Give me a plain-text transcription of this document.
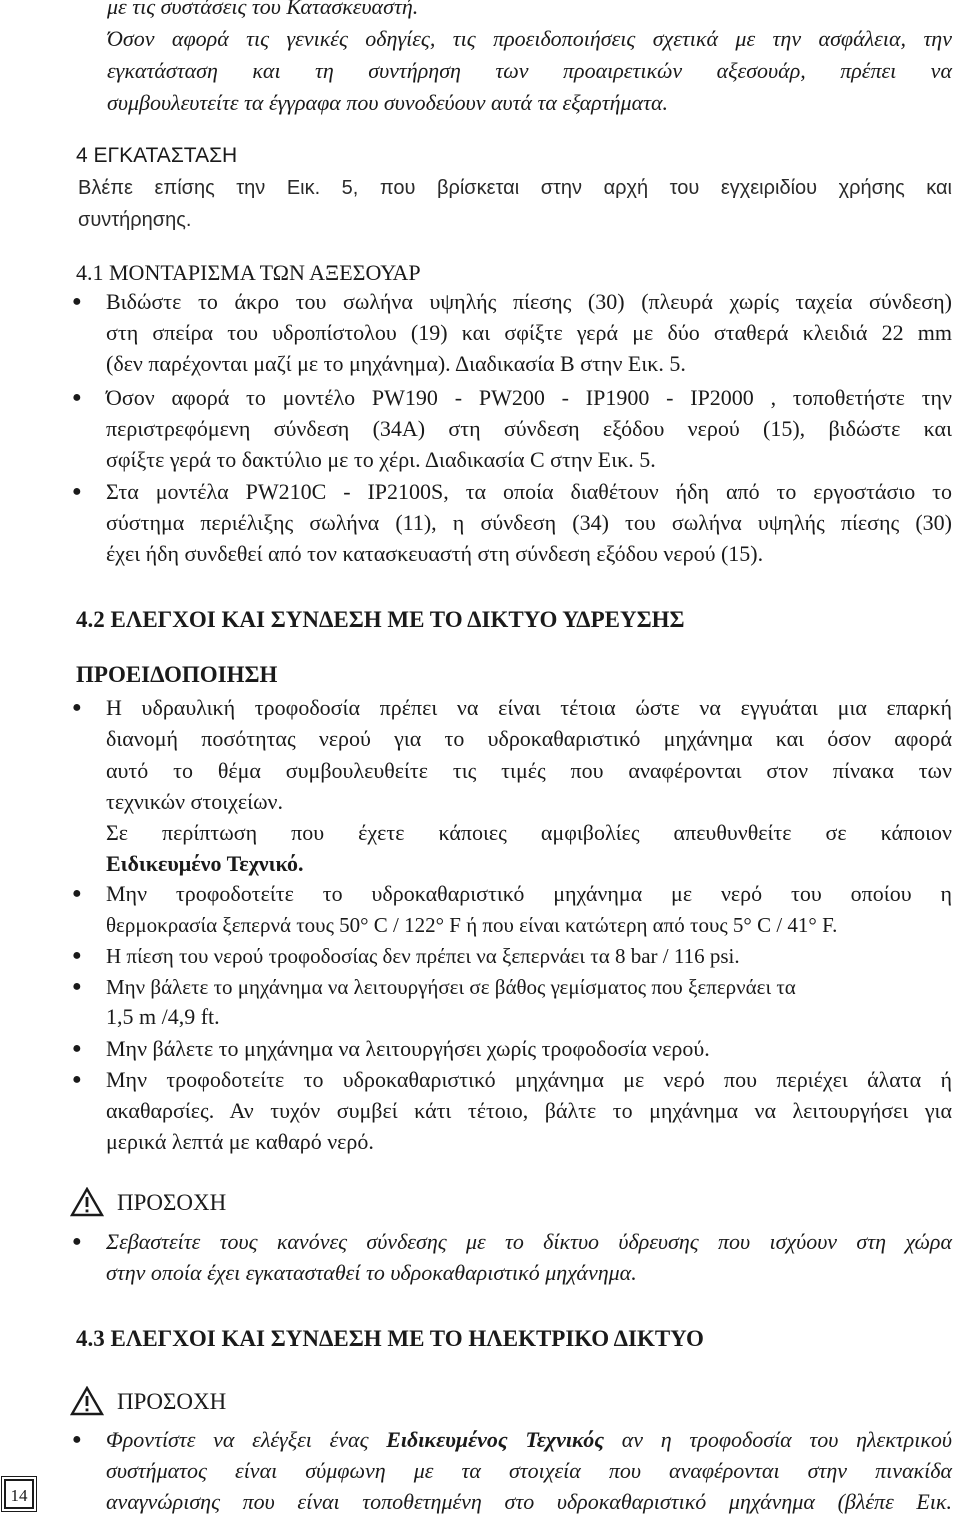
με τις συστάσεις του Κατασκευαστή.
Όσον αφορά τις γενικές οδηγίες, τις προειδοποιήσεις σχετικά με την ασφάλεια, την
εγκατάσταση και τη συντήρηση των προαιρετικών αξεσουάρ, πρέπει να
συμβουλευτείτε τα έγγραφα που συνοδεύουν αυτά τα εξαρτήματα.
4 ΕΓΚΑΤΑΣΤΑΣΗ
Βλέπε επίσης την Εικ. 5, που βρίσκεται στην αρχή του εγχειριδίου χρήσης και
συντήρησης.
4.1 ΜΟΝΤΑΡΙΣΜΑ ΤΩΝ ΑΞΕΣΟΥΑΡ
● Βιδώστε το άκρο του σωλήνα υψηλής πίεσης (30) (πλευρά χωρίς ταχεία σύνδεση)
στη σπείρα του υδροπίστολου (19) και σφίξτε γερά με δύο σταθερά κλειδιά 22 mm
(δεν παρέχονται μαζί με το μηχάνημα). Διαδικασία B στην Εικ. 5.
● Όσον αφορά το μοντέλο PW190 - PW200 - IP1900 - IP2000 , τοποθετήστε την
περιστρεφόμενη σύνδεση (34A) στη σύνδεση εξόδου νερού (15), βιδώστε και
σφίξτε γερά το δακτύλιο με το χέρι. Διαδικασία C στην Εικ. 5.
● Στα μοντέλα PW210C - IP2100S, τα οποία διαθέτουν ήδη από το εργοστάσιο το
σύστημα περιέλιξης σωλήνα (11), η σύνδεση (34) του σωλήνα υψηλής πίεσης (30)
έχει ήδη συνδεθεί από τον κατασκευαστή στη σύνδεση εξόδου νερού (15).
4.2 ΕΛΕΓΧΟΙ ΚΑΙ ΣΥΝΔΕΣΗ ΜΕ ΤΟ ΔΙΚΤΥΟ ΥΔΡΕΥΣΗΣ
ΠΡΟΕΙΔΟΠΟΙΗΣΗ
● Η υδραυλική τροφοδοσία πρέπει να είναι τέτοια ώστε να εγγυάται μια επαρκή
διανομή ποσότητας νερού για το υδροκαθαριστικό μηχάνημα και όσον αφορά
αυτό το θέμα συμβουλευθείτε τις τιμές που αναφέρονται στον πίνακα των
τεχνικών στοιχείων.
Σε περίπτωση που έχετε κάποιες αμφιβολίες απευθυνθείτε σε κάποιον
Ειδικευμένο Τεχνικό.
● Μην τροφοδοτείτε το υδροκαθαριστικό μηχάνημα με νερό του οποίου η
θερμοκρασία ξεπερνά τους 50° C / 122° F ή που είναι κατώτερη από τους 5° C / 41° F.
● Η πίεση του νερού τροφοδοσίας δεν πρέπει να ξεπερνάει τα 8 bar / 116 psi.
● Μην βάλετε το μηχάνημα να λειτουργήσει σε βάθος γεμίσματος που ξεπερνάει τα
1,5 m /4,9 ft.
● Μην βάλετε το μηχάνημα να λειτουργήσει χωρίς τροφοδοσία νερού.
● Μην τροφοδοτείτε το υδροκαθαριστικό μηχάνημα με νερό που περιέχει άλατα ή
ακαθαρσίες. Αν τυχόν συμβεί κάτι τέτοιο, βάλτε το μηχάνημα να λειτουργήσει για
μερικά λεπτά με καθαρό νερό.
ΠΡΟΣΟΧΗ
● Σεβαστείτε τους κανόνες σύνδεσης με το δίκτυο ύδρευσης που ισχύουν στη χώρα
στην οποία έχει εγκατασταθεί το υδροκαθαριστικό μηχάνημα.
4.3 ΕΛΕΓΧΟΙ ΚΑΙ ΣΥΝΔΕΣΗ ΜΕ ΤΟ ΗΛΕΚΤΡΙΚΟ ΔΙΚΤΥΟ
ΠΡΟΣΟΧΗ
● Φροντίστε να ελέγξει ένας Ειδικευμένος Τεχνικός αν η τροφοδοσία του ηλεκτρικού
συστήματος είναι σύμφωνη με τα στοιχεία που αναφέρονται στην πινακίδα
αναγνώρισης που είναι τοποθετημένη στο υδροκαθαριστικό μηχάνημα (βλέπε Εικ.
14
